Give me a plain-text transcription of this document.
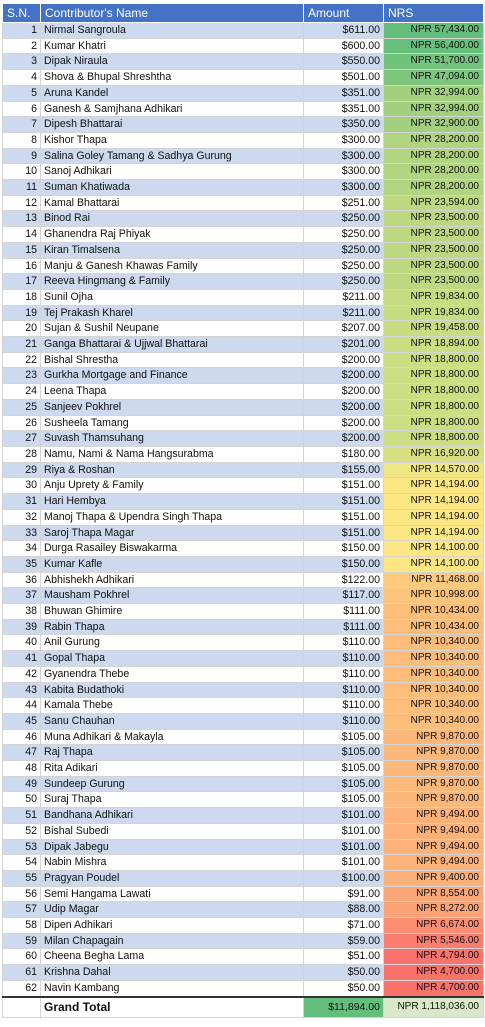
S.N.	Contributor's Name	Amount	NRS
1	Nirmal Sangroula	$611.00	NPR 57,434.00
2	Kumar Khatri	$600.00	NPR 56,400.00
3	Dipak Niraula	$550.00	NPR 51,700.00
4	Shova & Bhupal Shreshtha	$501.00	NPR 47,094.00
5	Aruna Kandel	$351.00	NPR 32,994.00
6	Ganesh & Samjhana Adhikari	$351.00	NPR 32,994.00
7	Dipesh Bhattarai	$350.00	NPR 32,900.00
8	Kishor Thapa	$300.00	NPR 28,200.00
9	Salina Goley Tamang & Sadhya Gurung	$300.00	NPR 28,200.00
10	Sanoj Adhikari	$300.00	NPR 28,200.00
11	Suman Khatiwada	$300.00	NPR 28,200.00
12	Kamal Bhattarai	$251.00	NPR 23,594.00
13	Binod Rai	$250.00	NPR 23,500.00
14	Ghanendra Raj Phiyak	$250.00	NPR 23,500.00
15	Kiran Timalsena	$250.00	NPR 23,500.00
16	Manju & Ganesh Khawas Family	$250.00	NPR 23,500.00
17	Reeva Hingmang & Family	$250.00	NPR 23,500.00
18	Sunil Ojha	$211.00	NPR 19,834.00
19	Tej Prakash Kharel	$211.00	NPR 19,834.00
20	Sujan & Sushil Neupane	$207.00	NPR 19,458.00
21	Ganga Bhattarai & Ujjwal Bhattarai	$201.00	NPR 18,894.00
22	Bishal Shrestha	$200.00	NPR 18,800.00
23	Gurkha Mortgage and Finance	$200.00	NPR 18,800.00
24	Leena Thapa	$200.00	NPR 18,800.00
25	Sanjeev Pokhrel	$200.00	NPR 18,800.00
26	Susheela Tamang	$200.00	NPR 18,800.00
27	Suvash Thamsuhang	$200.00	NPR 18,800.00
28	Namu, Nami & Nama Hangsurabma	$180.00	NPR 16,920.00
29	Riya & Roshan	$155.00	NPR 14,570.00
30	Anju Uprety & Family	$151.00	NPR 14,194.00
31	Hari Hembya	$151.00	NPR 14,194.00
32	Manoj Thapa & Upendra Singh Thapa	$151.00	NPR 14,194.00
33	Saroj Thapa Magar	$151.00	NPR 14,194.00
34	Durga Rasailey Biswakarma	$150.00	NPR 14,100.00
35	Kumar Kafle	$150.00	NPR 14,100.00
36	Abhishekh Adhikari	$122.00	NPR 11,468.00
37	Mausham Pokhrel	$117.00	NPR 10,998.00
38	Bhuwan Ghimire	$111.00	NPR 10,434.00
39	Rabin Thapa	$111.00	NPR 10,434.00
40	Anil Gurung	$110.00	NPR 10,340.00
41	Gopal Thapa	$110.00	NPR 10,340.00
42	Gyanendra Thebe	$110.00	NPR 10,340.00
43	Kabita Budathoki	$110.00	NPR 10,340.00
44	Kamala Thebe	$110.00	NPR 10,340.00
45	Sanu Chauhan	$110.00	NPR 10,340.00
46	Muna Adhikari & Makayla	$105.00	NPR 9,870.00
47	Raj Thapa	$105.00	NPR 9,870.00
48	Rita Adikari	$105.00	NPR 9,870.00
49	Sundeep Gurung	$105.00	NPR 9,870.00
50	Suraj Thapa	$105.00	NPR 9,870.00
51	Bandhana Adhikari	$101.00	NPR 9,494.00
52	Bishal Subedi	$101.00	NPR 9,494.00
53	Dipak Jabegu	$101.00	NPR 9,494.00
54	Nabin Mishra	$101.00	NPR 9,494.00
55	Pragyan Poudel	$100.00	NPR 9,400.00
56	Semi Hangama Lawati	$91.00	NPR 8,554.00
57	Udip Magar	$88.00	NPR 8,272.00
58	Dipen Adhikari	$71.00	NPR 6,674.00
59	Milan Chapagain	$59.00	NPR 5,546.00
60	Cheena Begha Lama	$51.00	NPR 4,794.00
61	Krishna Dahal	$50.00	NPR 4,700.00
62	Navin Kambang	$50.00	NPR 4,700.00
	Grand Total	$11,894.00	NPR 1,118,036.00
